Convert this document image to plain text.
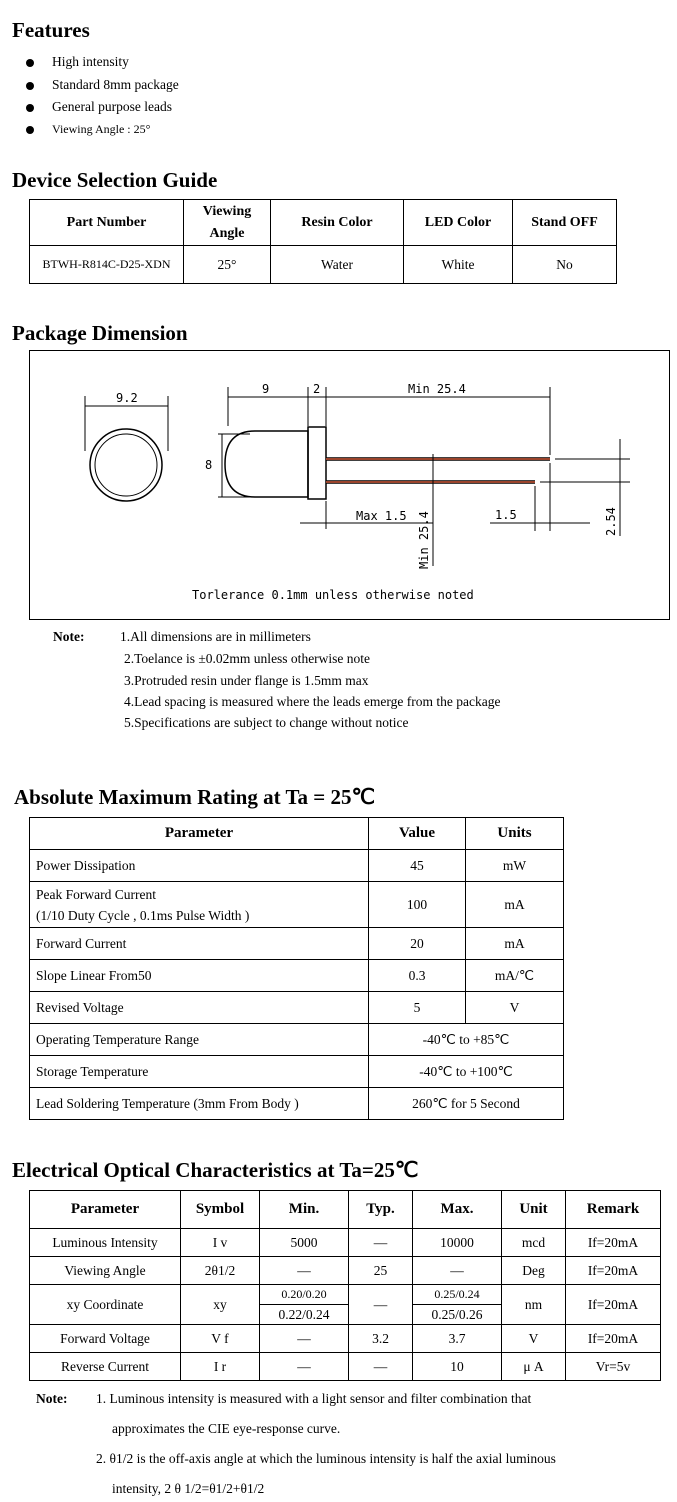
Features
High intensity
Standard 8mm package
General purpose leads
Viewing Angle : 25°
Device Selection Guide
Part Number	Viewing Angle	Resin Color	LED Color	Stand OFF
BTWH-R814C-D25-XDN	25°	Water	White	No
Package Dimension
9.2
9	2	Min 25.4
8
Min 25.4
Max 1.5	1.5	2.54
Torlerance 0.1mm unless otherwise noted
Note:	1.All dimensions are in millimeters
2.Toelance is ±0.02mm unless otherwise note
3.Protruded resin under flange is 1.5mm max
4.Lead spacing is measured where the leads emerge from the package
5.Specifications are subject to change without notice
Absolute Maximum Rating at Ta = 25℃
Parameter	Value	Units
Power Dissipation	45	mW

Peak Forward Current
(1/10 Duty Cycle , 0.1ms Pulse Width )	100	mA
Forward Current	20	mA
Slope Linear From50	0.3	mA/℃
Revised Voltage	5	V
Operating Temperature Range	-40℃ to +85℃	
Storage Temperature	-40℃ to +100℃	
Lead Soldering Temperature (3mm From Body )	260℃ for 5 Second	
Electrical Optical Characteristics at Ta=25℃
Parameter	Symbol	Min.	Typ.	Max.	Unit	Remark
Luminous Intensity	I v	5000	—	10000	mcd	If=20mA
Viewing Angle	2θ1/2	—	25	—	Deg	If=20mA
xy Coordinate	xy	0.20/0.20	—	0.25/0.24	nm	If=20mA
		0.22/0.24		0.25/0.26		
Forward Voltage	V f	—	3.2	3.7	V	If=20mA
Reverse Current	I r	—	—	10	μ A	Vr=5v
Note: 1. Luminous intensity is measured with a light sensor and filter combination that
approximates the CIE eye-response curve.
2. θ1/2 is the off-axis angle at which the luminous intensity is half the axial luminous
intensity, 2 θ 1/2=θ1/2+θ1/2
